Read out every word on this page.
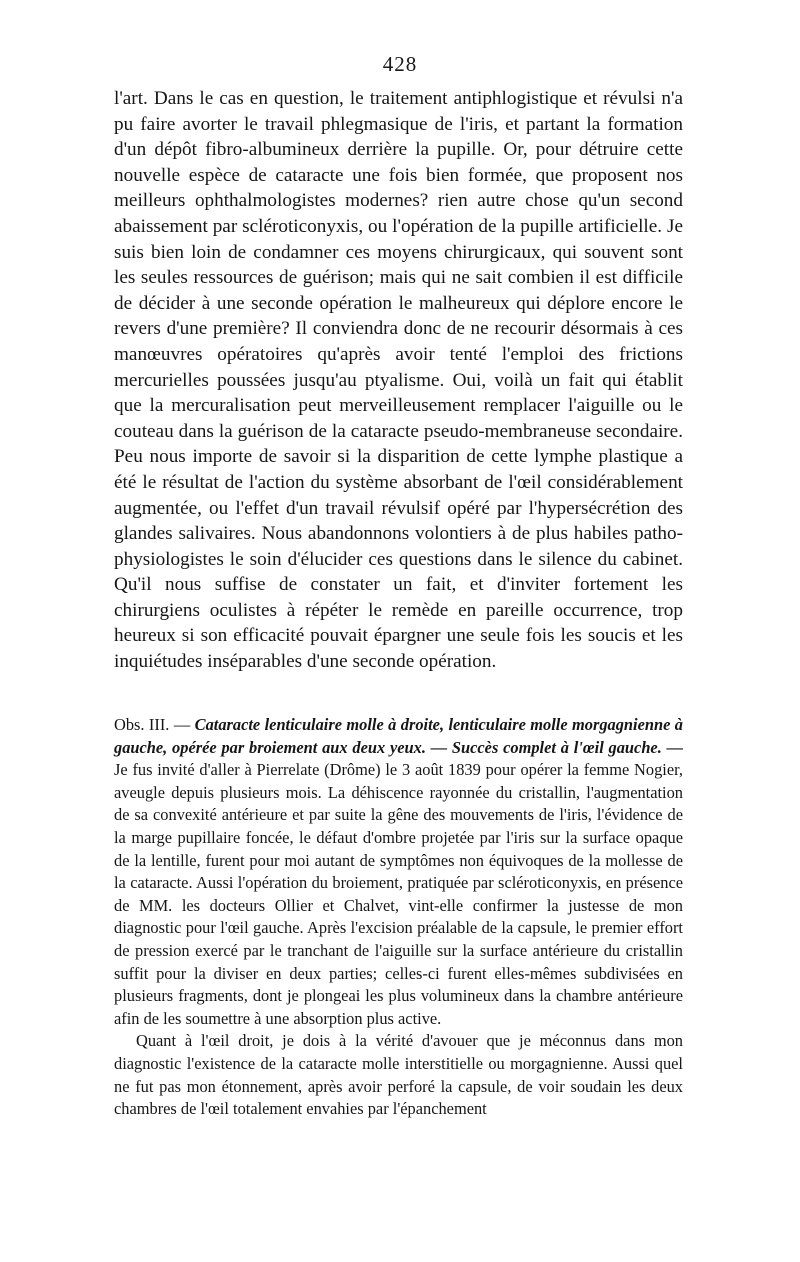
428

l'art. Dans le cas en question, le traitement antiphlogistique et révulsi n'a pu faire avorter le travail phlegmasique de l'iris, et partant la formation d'un dépôt fibro-albumineux derrière la pupille. Or, pour détruire cette nouvelle espèce de cataracte une fois bien formée, que proposent nos meilleurs ophthalmologistes modernes? rien autre chose qu'un second abaissement par scléroticonyxis, ou l'opération de la pupille artificielle. Je suis bien loin de condamner ces moyens chirurgicaux, qui souvent sont les seules ressources de guérison; mais qui ne sait combien il est difficile de décider à une seconde opération le malheureux qui déplore encore le revers d'une première? Il conviendra donc de ne recourir désormais à ces manœuvres opératoires qu'après avoir tenté l'emploi des frictions mercurielles poussées jusqu'au ptyalisme. Oui, voilà un fait qui établit que la mercuralisation peut merveilleusement remplacer l'aiguille ou le couteau dans la guérison de la cataracte pseudo-membraneuse secondaire. Peu nous importe de savoir si la disparition de cette lymphe plastique a été le résultat de l'action du système absorbant de l'œil considérablement augmentée, ou l'effet d'un travail révulsif opéré par l'hypersécrétion des glandes salivaires. Nous abandonnons volontiers à de plus habiles patho-physiologistes le soin d'élucider ces questions dans le silence du cabinet. Qu'il nous suffise de constater un fait, et d'inviter fortement les chirurgiens oculistes à répéter le remède en pareille occurrence, trop heureux si son efficacité pouvait épargner une seule fois les soucis et les inquiétudes inséparables d'une seconde opération.

Obs. III. — Cataracte lenticulaire molle à droite, lenticulaire molle morgagnienne à gauche, opérée par broiement aux deux yeux. — Succès complet à l'œil gauche. — Je fus invité d'aller à Pierrelate (Drôme) le 3 août 1839 pour opérer la femme Nogier, aveugle depuis plusieurs mois. La déhiscence rayonnée du cristallin, l'augmentation de sa convexité antérieure et par suite la gêne des mouvements de l'iris, l'évidence de la marge pupillaire foncée, le défaut d'ombre projetée par l'iris sur la surface opaque de la lentille, furent pour moi autant de symptômes non équivoques de la mollesse de la cataracte. Aussi l'opération du broiement, pratiquée par scléroticonyxis, en présence de MM. les docteurs Ollier et Chalvet, vint-elle confirmer la justesse de mon diagnostic pour l'œil gauche. Après l'excision préalable de la capsule, le premier effort de pression exercé par le tranchant de l'aiguille sur la surface antérieure du cristallin suffit pour la diviser en deux parties; celles-ci furent elles-mêmes subdivisées en plusieurs fragments, dont je plongeai les plus volumineux dans la chambre antérieure afin de les soumettre à une absorption plus active.

Quant à l'œil droit, je dois à la vérité d'avouer que je méconnus dans mon diagnostic l'existence de la cataracte molle interstitielle ou morgagnienne. Aussi quel ne fut pas mon étonnement, après avoir perforé la capsule, de voir soudain les deux chambres de l'œil totalement envahies par l'épanchement
